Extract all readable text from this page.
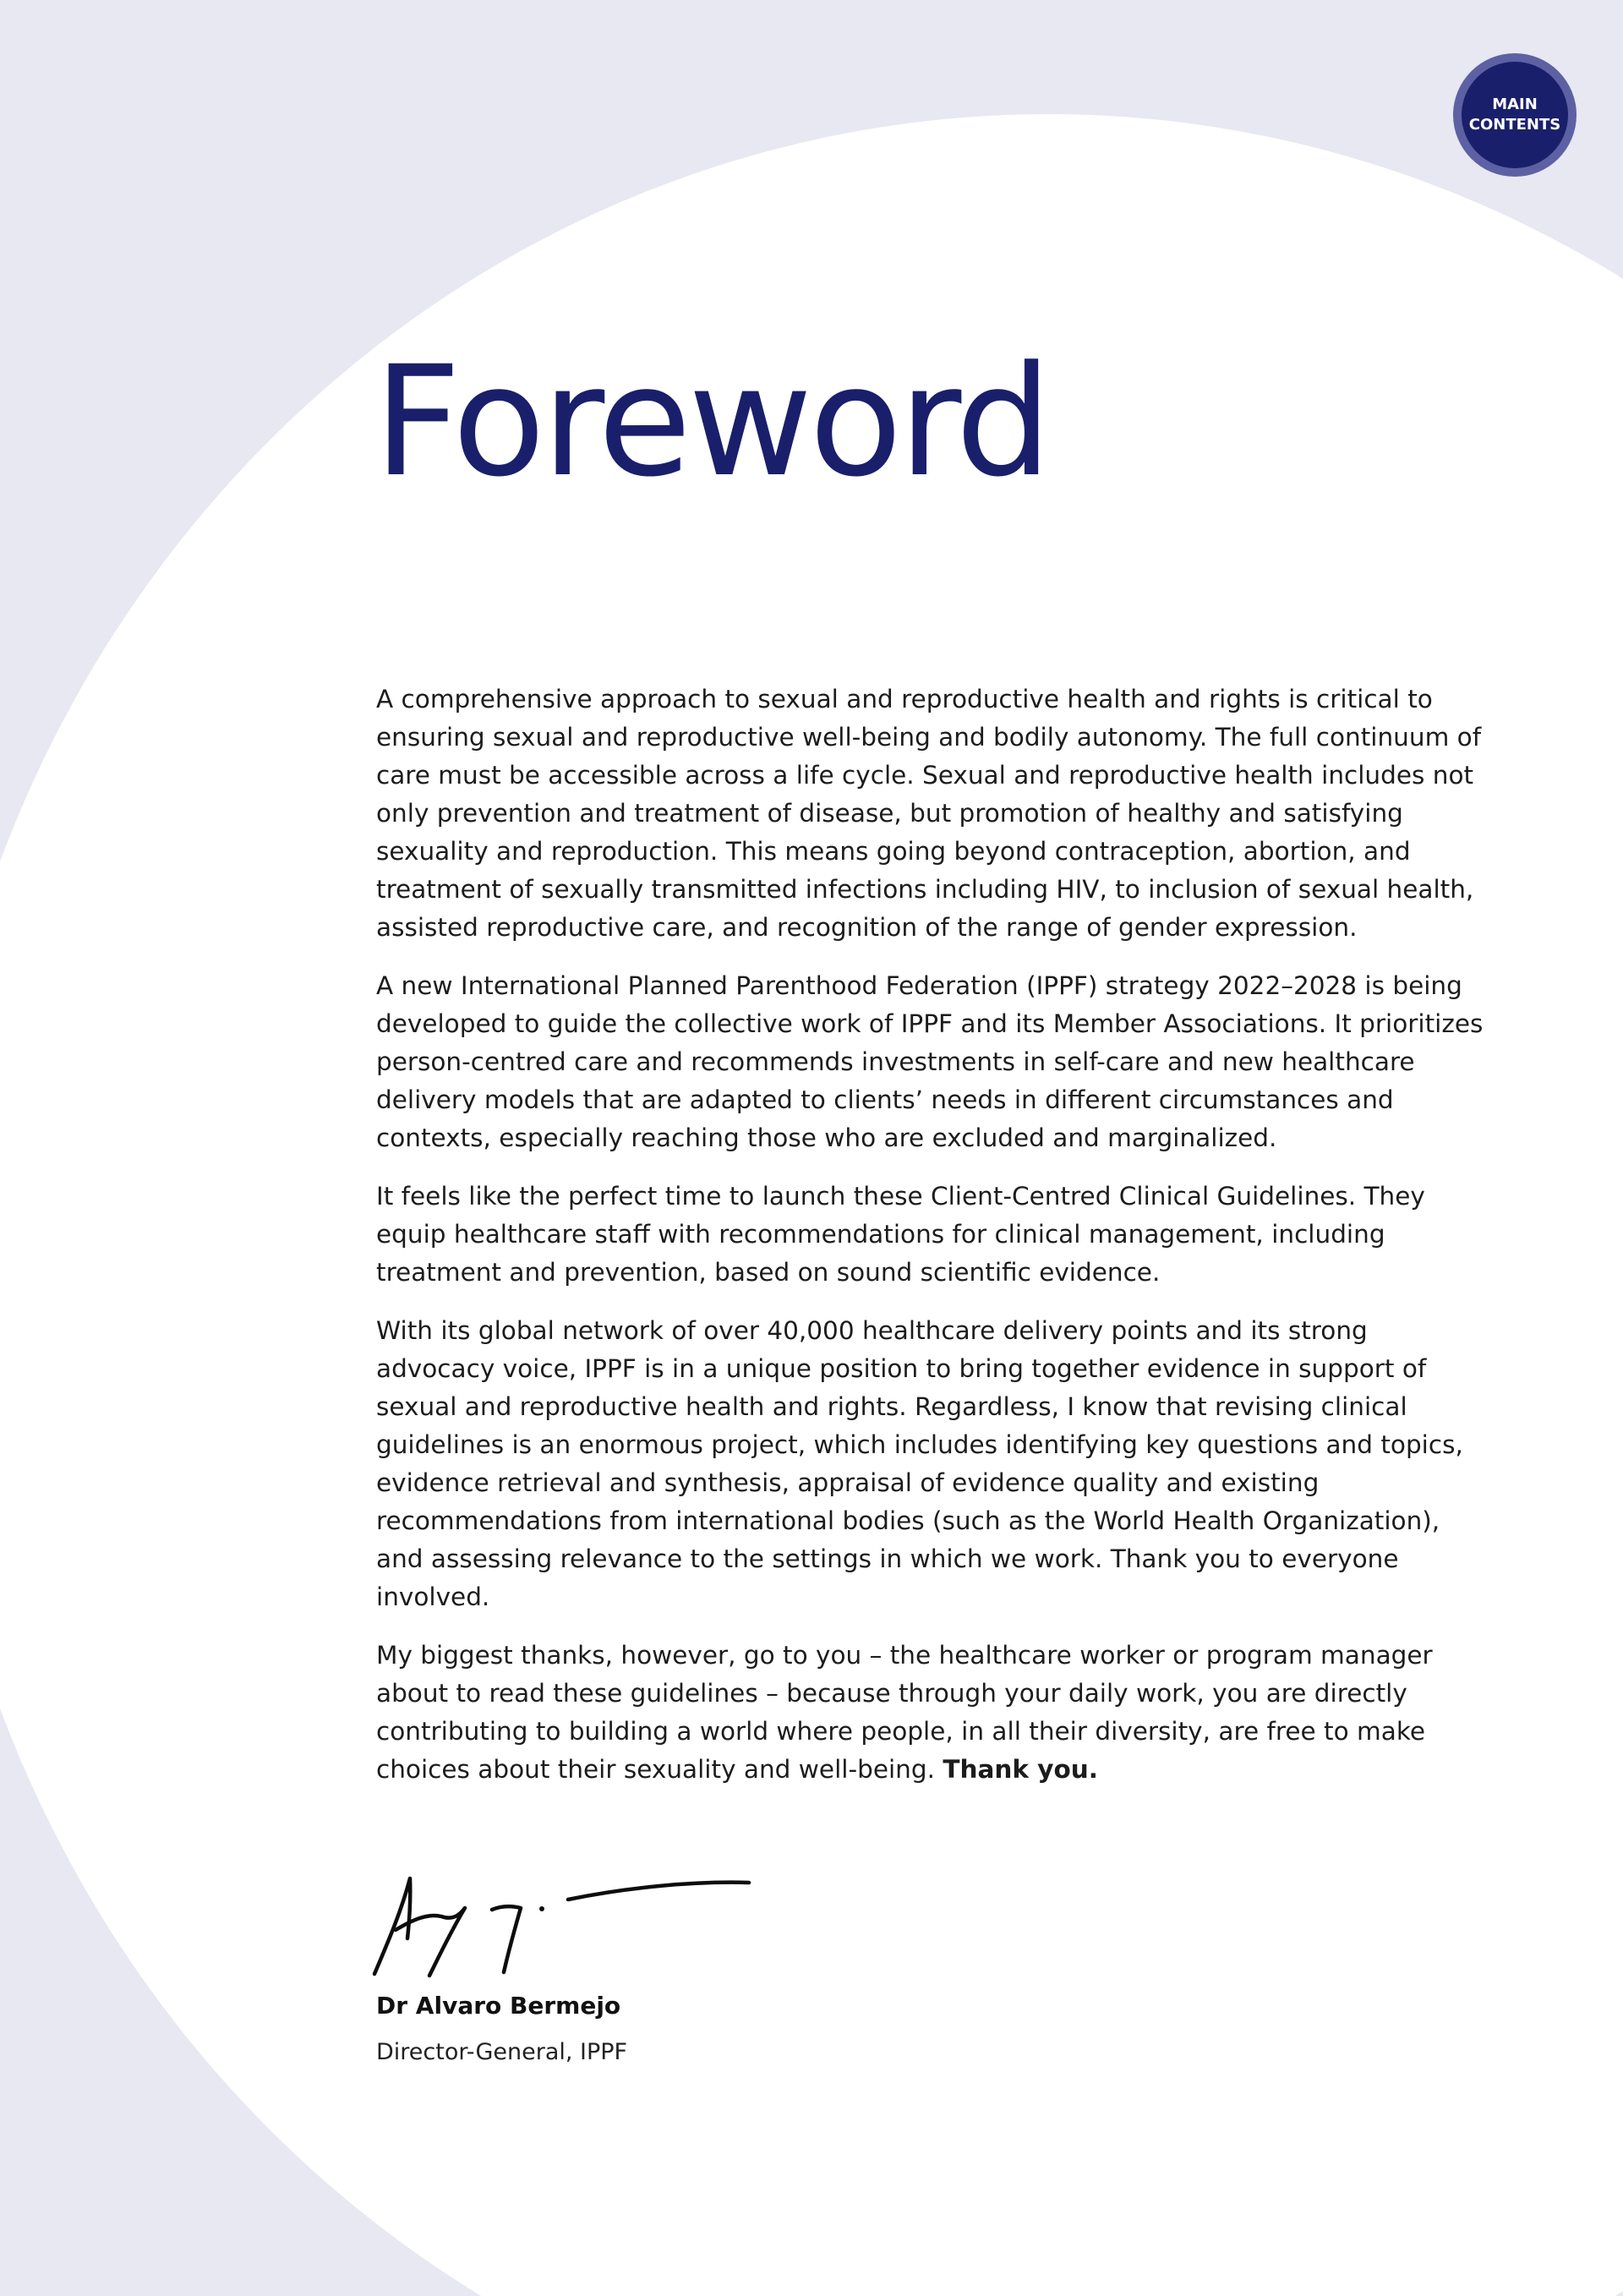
MAIN
CONTENTS
Foreword

A comprehensive approach to sexual and reproductive health and rights is critical to ensuring sexual and reproductive well-being and bodily autonomy. The full continuum of care must be accessible across a life cycle. Sexual and reproductive health includes not only prevention and treatment of disease, but promotion of healthy and satisfying sexuality and reproduction. This means going beyond contraception, abortion, and treatment of sexually transmitted infections including HIV, to inclusion of sexual health, assisted reproductive care, and recognition of the range of gender expression.

A new International Planned Parenthood Federation (IPPF) strategy 2022–2028 is being developed to guide the collective work of IPPF and its Member Associations. It prioritizes person-centred care and recommends investments in self-care and new healthcare delivery models that are adapted to clients’ needs in different circumstances and contexts, especially reaching those who are excluded and marginalized.

It feels like the perfect time to launch these Client-Centred Clinical Guidelines. They equip healthcare staff with recommendations for clinical management, including treatment and prevention, based on sound scientific evidence.

With its global network of over 40,000 healthcare delivery points and its strong advocacy voice, IPPF is in a unique position to bring together evidence in support of sexual and reproductive health and rights. Regardless, I know that revising clinical guidelines is an enormous project, which includes identifying key questions and topics, evidence retrieval and synthesis, appraisal of evidence quality and existing recommendations from international bodies (such as the World Health Organization), and assessing relevance to the settings in which we work. Thank you to everyone involved.

My biggest thanks, however, go to you – the healthcare worker or program manager about to read these guidelines – because through your daily work, you are directly contributing to building a world where people, in all their diversity, are free to make choices about their sexuality and well-being. Thank you.

Dr Alvaro Bermejo
Director-General, IPPF
